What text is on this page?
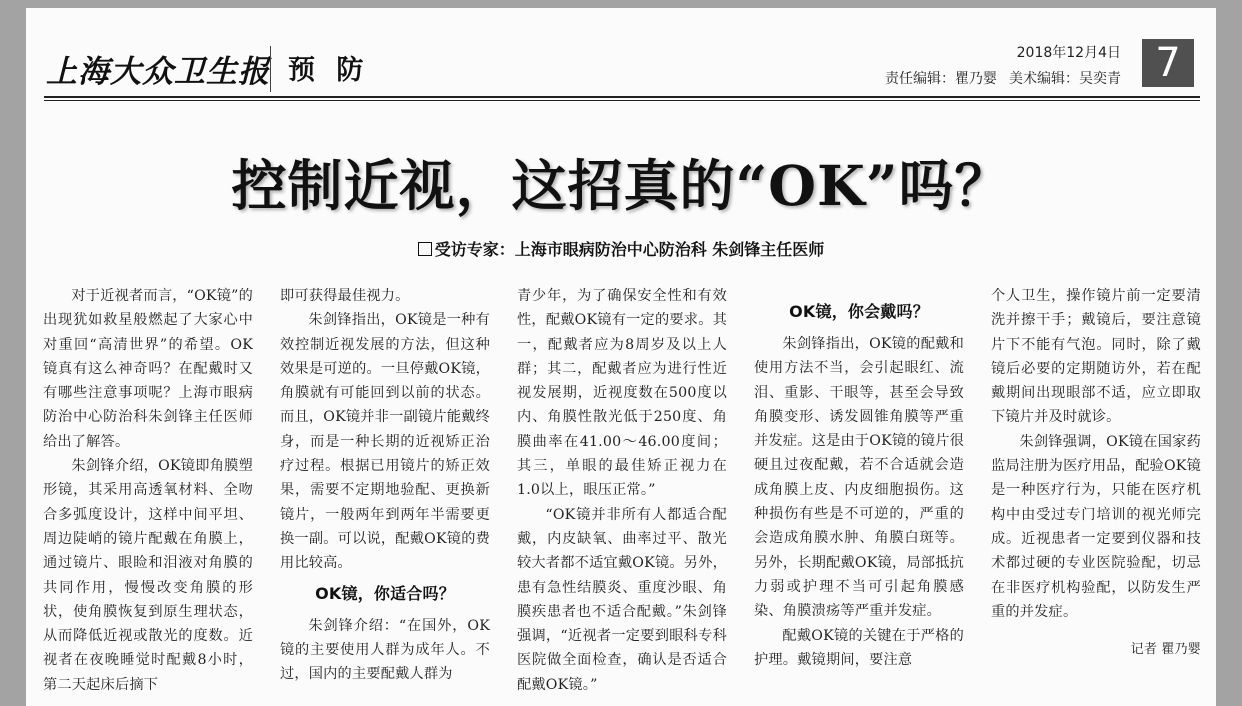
上海大众卫生报 预 防
2018年12月4日
责任编辑：瞿乃婴 美术编辑：吴奕青 7
控制近视，这招真的“OK”吗？
受访专家：上海市眼病防治中心防治科 朱剑锋主任医师

对于近视者而言，“OK镜”的出现犹如救星般燃起了大家心中对重回“高清世界”的希望。OK镜真有这么神奇吗？在配戴时又有哪些注意事项呢？上海市眼病防治中心防治科朱剑锋主任医师给出了解答。

朱剑锋介绍，OK镜即角膜塑形镜，其采用高透氧材料、全吻合多弧度设计，这样中间平坦、周边陡峭的镜片配戴在角膜上，通过镜片、眼睑和泪液对角膜的共同作用，慢慢改变角膜的形状，使角膜恢复到原生理状态，从而降低近视或散光的度数。近视者在夜晚睡觉时配戴8小时，第二天起床后摘下

即可获得最佳视力。

朱剑锋指出，OK镜是一种有效控制近视发展的方法，但这种效果是可逆的。一旦停戴OK镜，角膜就有可能回到以前的状态。而且，OK镜并非一副镜片能戴终身，而是一种长期的近视矫正治疗过程。根据已用镜片的矫正效果，需要不定期地验配、更换新镜片，一般两年到两年半需要更换一副。可以说，配戴OK镜的费用比较高。

OK镜，你适合吗？

朱剑锋介绍：“在国外，OK镜的主要使用人群为成年人。不过，国内的主要配戴人群为

青少年，为了确保安全性和有效性，配戴OK镜有一定的要求。其一，配戴者应为8周岁及以上人群；其二，配戴者应为进行性近视发展期，近视度数在500度以内、角膜性散光低于250度、角膜曲率在41.00～46.00度间；其三，单眼的最佳矫正视力在1.0以上，眼压正常。”

“OK镜并非所有人都适合配戴，内皮缺氧、曲率过平、散光较大者都不适宜戴OK镜。另外，患有急性结膜炎、重度沙眼、角膜疾患者也不适合配戴。”朱剑锋强调，“近视者一定要到眼科专科医院做全面检查，确认是否适合配戴OK镜。”

OK镜，你会戴吗？

朱剑锋指出，OK镜的配戴和使用方法不当，会引起眼红、流泪、重影、干眼等，甚至会导致角膜变形、诱发圆锥角膜等严重并发症。这是由于OK镜的镜片很硬且过夜配戴，若不合适就会造成角膜上皮、内皮细胞损伤。这种损伤有些是不可逆的，严重的会造成角膜水肿、角膜白斑等。另外，长期配戴OK镜，局部抵抗力弱或护理不当可引起角膜感染、角膜溃疡等严重并发症。

配戴OK镜的关键在于严格的护理。戴镜期间，要注意

个人卫生，操作镜片前一定要清洗并擦干手；戴镜后，要注意镜片下不能有气泡。同时，除了戴镜后必要的定期随访外，若在配戴期间出现眼部不适，应立即取下镜片并及时就诊。

朱剑锋强调，OK镜在国家药监局注册为医疗用品，配验OK镜是一种医疗行为，只能在医疗机构中由受过专门培训的视光师完成。近视患者一定要到仪器和技术都过硬的专业医院验配，切忌在非医疗机构验配，以防发生严重的并发症。

记者 瞿乃婴
